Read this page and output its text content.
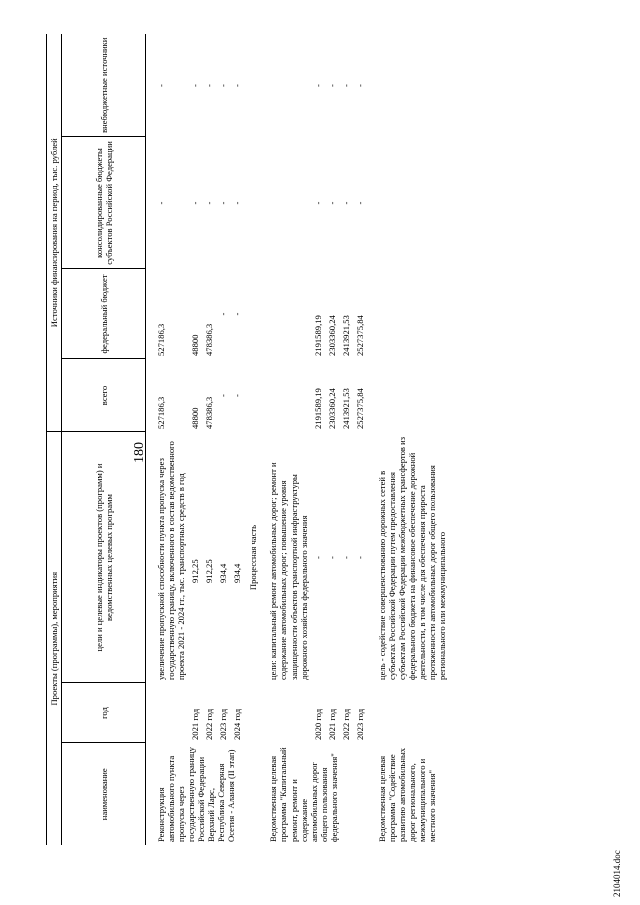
180
Проекты (программы), мероприятия			Источники финансирования на период, тыс. рублей			
наименование	год	цели и целевые индикаторы проектов (программ) и ведомственных целевых программ	всего	федеральный бюджет	консолидированные бюджеты субъектов Российской Федерации	внебюджетные источники
Реконструкция автомобильного пункта пропуска через государственную границу Российской Федерации Верхний Ларс, Республика Северная Осетия - Алания (II этап)		увеличение пропускной способности пункта пропуска через государственную границу, включенного в состав ведомственного проекта 2021 - 2024 гг., тыс. транспортных средств в год	527186,3	527186,3	-	-
	2021 год	912,25	48800	48800	-	-
	2022 год	912,25	478386,3	478386,3	-	-
	2023 год	934,4	-	-	-	-
	2024 год	934,4	-	-	-	-
		Процессная часть				
Ведомственная целевая программа "Капитальный ремонт, ремонт и содержание автомобильных дорог общего пользования федерального значения"		цели: капитальный ремонт автомобильных дорог; ремонт и содержание автомобильных дорог; повышение уровня защищенности объектов транспортной инфраструктуры дорожного хозяйства федерального значения				
	2020 год	-	2191589,19	2191589,19	-	-
	2021 год	-	2303360,24	2303360,24	-	-
	2022 год	-	2413921,53	2413921,53	-	-
	2023 год	-	2527375,84	2527375,84	-	-
Ведомственная целевая программа "Содействие развитию автомобильных дорог регионального, межмуниципального и местного значения"		цель - содействие совершенствованию дорожных сетей в субъектах Российской Федерации путем предоставления субъектам Российской Федерации межбюджетных трансфертов из федерального бюджета на финансовое обеспечение дорожной деятельности, в том числе для обеспечения прироста протяженности автомобильных дорог общего пользования регионального или межмуниципального				
2104014.doc
